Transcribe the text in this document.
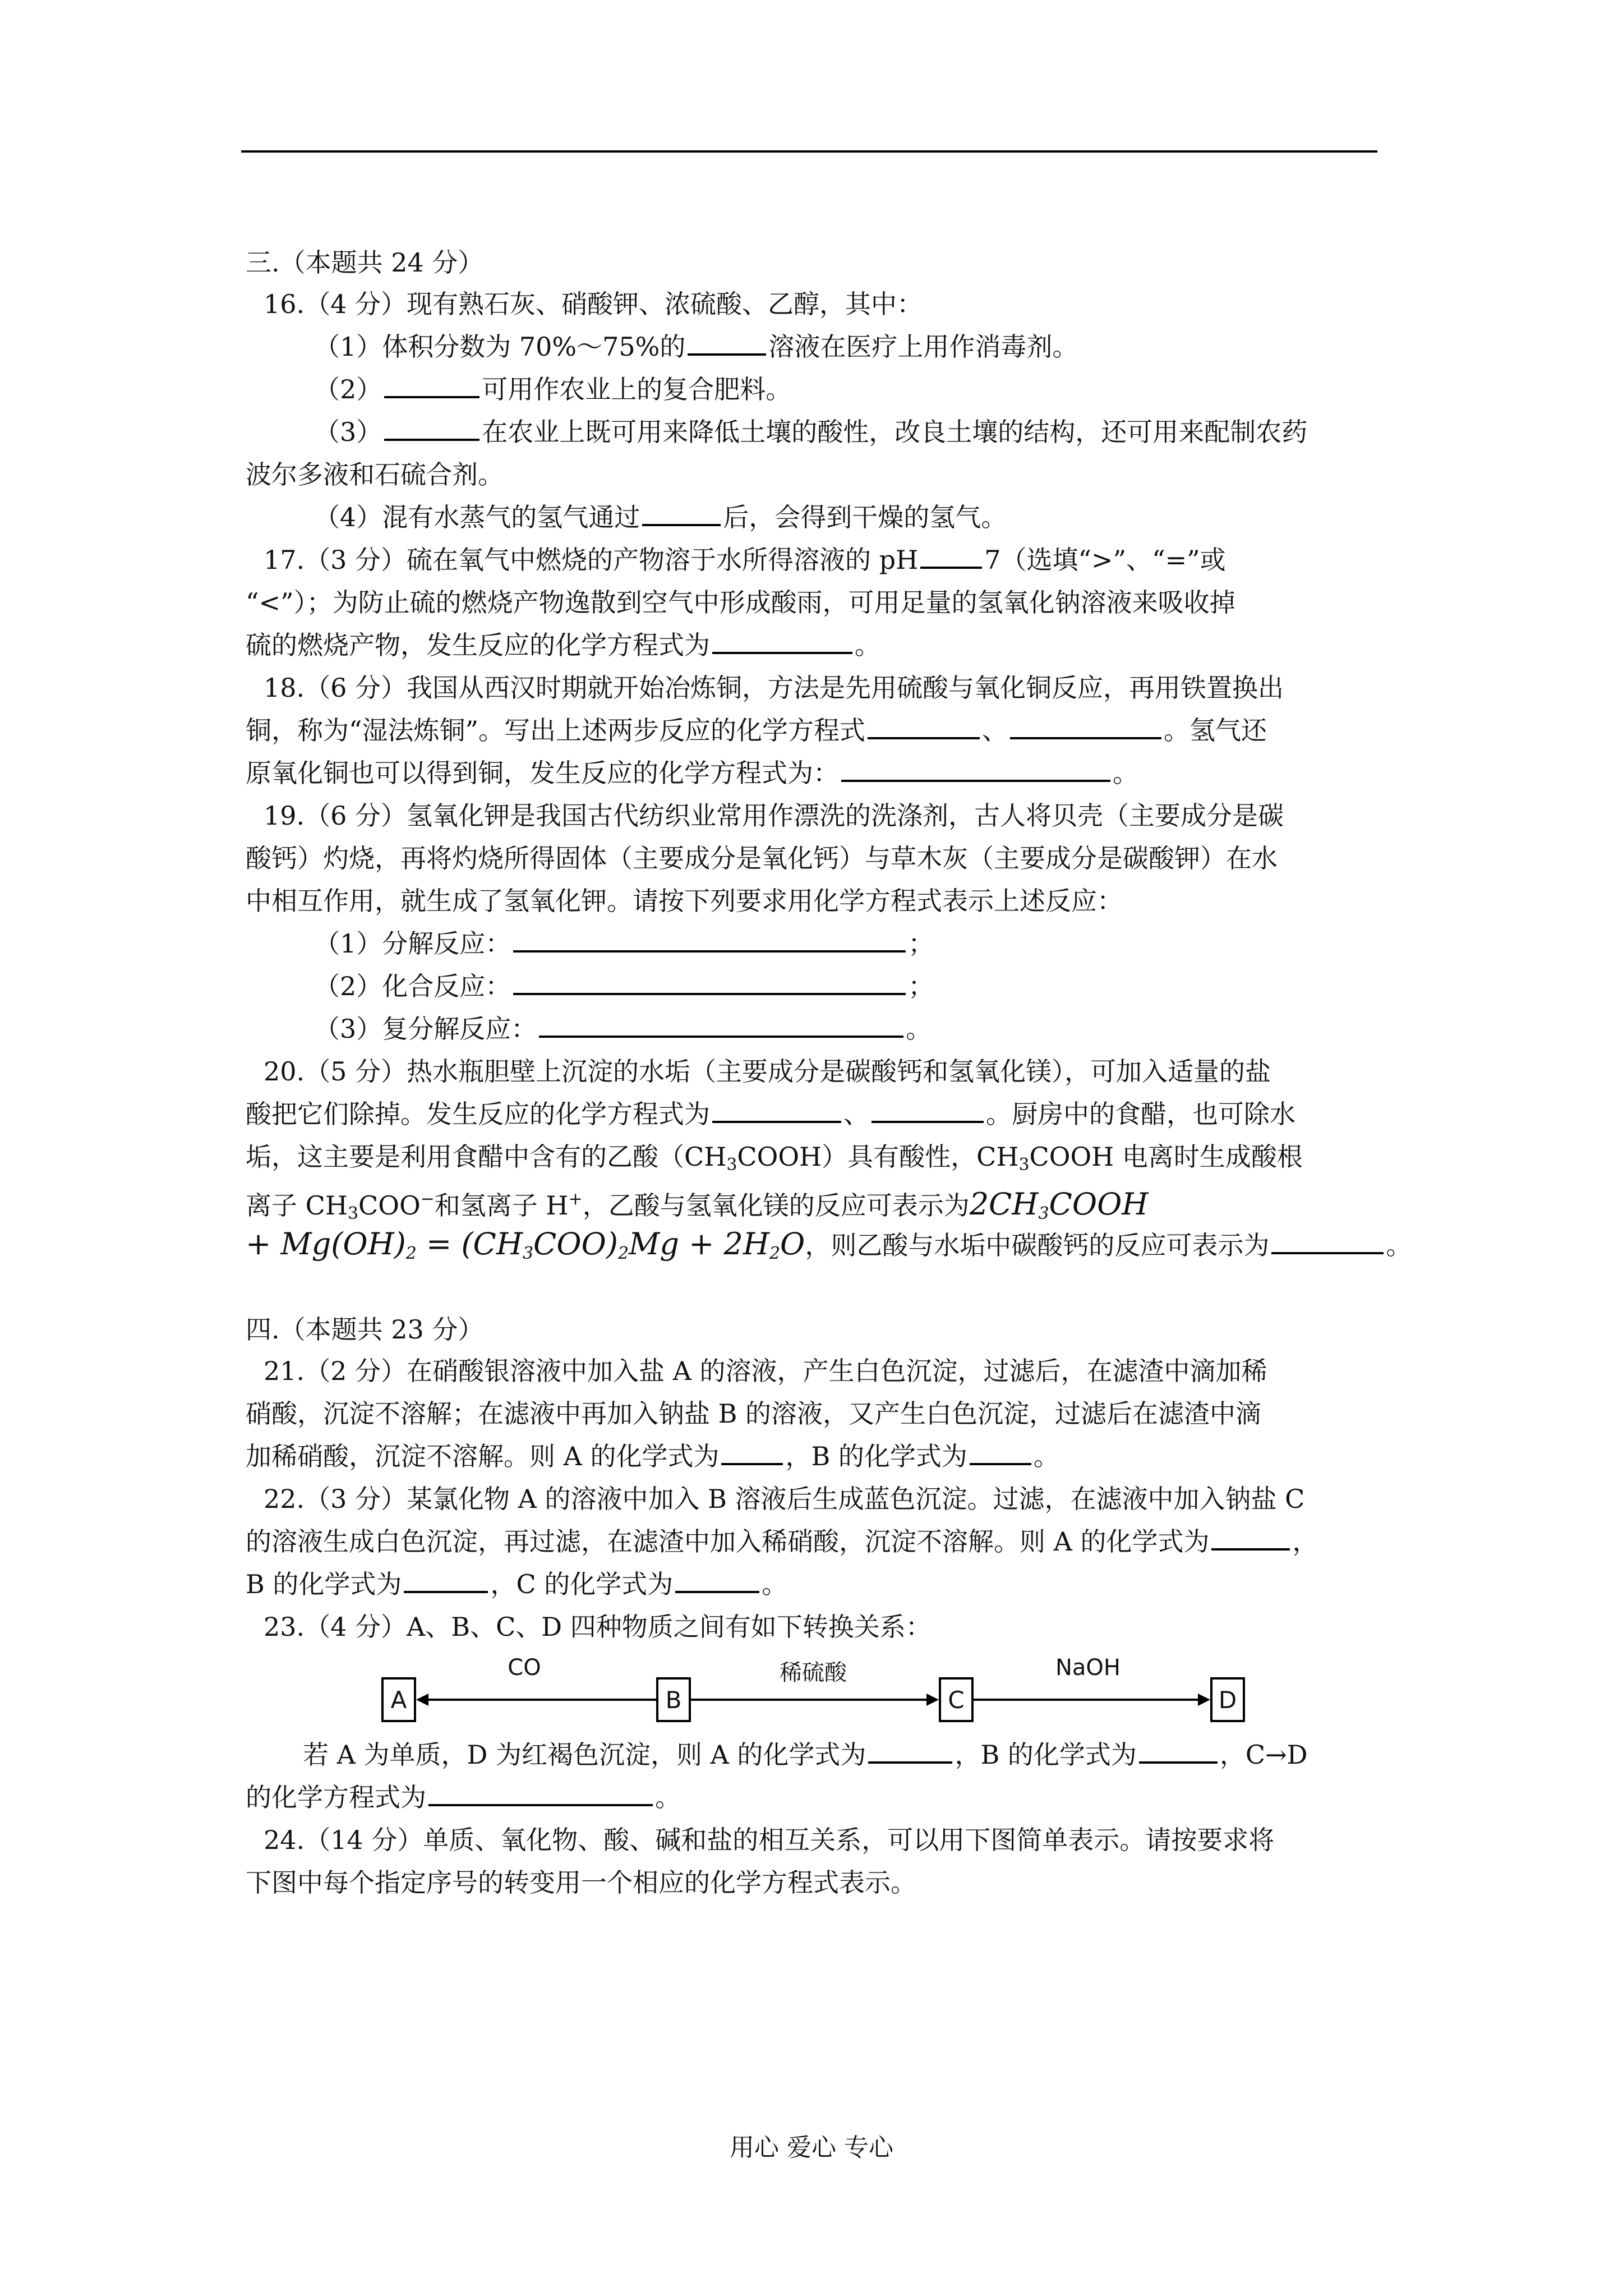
三.（本题共 24 分）

16.（4 分）现有熟石灰、硝酸钾、浓硫酸、乙醇，其中：

（1）体积分数为 70%～75%的	溶液在医疗上用作消毒剂。

（2）	可用作农业上的复合肥料。

（3）	在农业上既可用来降低土壤的酸性，改良土壤的结构，还可用来配制农药

波尔多液和石硫合剂。

（4）混有水蒸气的氢气通过	后，会得到干燥的氢气。

17.（3 分）硫在氧气中燃烧的产物溶于水所得溶液的 pH	7（选填“>”、“=”或

“<”）；为防止硫的燃烧产物逸散到空气中形成酸雨，可用足量的氢氧化钠溶液来吸收掉

硫的燃烧产物，发生反应的化学方程式为	。

18.（6 分）我国从西汉时期就开始冶炼铜，方法是先用硫酸与氧化铜反应，再用铁置换出

铜，称为“湿法炼铜”。写出上述两步反应的化学方程式	、	。氢气还

原氧化铜也可以得到铜，发生反应的化学方程式为：	。

19.（6 分）氢氧化钾是我国古代纺织业常用作漂洗的洗涤剂，古人将贝壳（主要成分是碳

酸钙）灼烧，再将灼烧所得固体（主要成分是氧化钙）与草木灰（主要成分是碳酸钾）在水

中相互作用，就生成了氢氧化钾。请按下列要求用化学方程式表示上述反应：

（1）分解反应：	；

（2）化合反应：	；

（3）复分解反应：	。

20.（5 分）热水瓶胆壁上沉淀的水垢（主要成分是碳酸钙和氢氧化镁），可加入适量的盐

酸把它们除掉。发生反应的化学方程式为	、	。厨房中的食醋，也可除水

垢，这主要是利用食醋中含有的乙酸$(CH_3COOH)$具有酸性，$CH_3COOH$ 电离时生成酸根

离子 $CH_3COO^-$和氢离子 H+，乙酸与氢氧化镁的反应可表示为$2CH_3COOH$

+ $Mg(OH)_2 = (CH_3COO)_2Mg + 2H_2O$，则乙酸与水垢中碳酸钙的反应可表示为	。

四.（本题共 23 分）

21.（2 分）在硝酸银溶液中加入盐 A 的溶液，产生白色沉淀，过滤后，在滤渣中滴加稀

硝酸，沉淀不溶解；在滤液中再加入钠盐 B 的溶液，又产生白色沉淀，过滤后在滤渣中滴

加稀硝酸，沉淀不溶解。则 A 的化学式为	，B 的化学式为	。

22.（3 分）某氯化物 A 的溶液中加入 B 溶液后生成蓝色沉淀。过滤，在滤液中加入钠盐 C

的溶液生成白色沉淀，再过滤，在滤渣中加入稀硝酸，沉淀不溶解。则 A 的化学式为	，

B 的化学式为	，C 的化学式为	。

23.（4 分）A、B、C、D 四种物质之间有如下转换关系：

A
CO
B
稀硫酸
C
NaOH
D

若 A 为单质，D 为红褐色沉淀，则 A 的化学式为	，B 的化学式为	，C→D

的化学方程式为	。

24.（14 分）单质、氧化物、酸、碱和盐的相互关系，可以用下图简单表示。请按要求将

下图中每个指定序号的转变用一个相应的化学方程式表示。

用心 爱心 专心
